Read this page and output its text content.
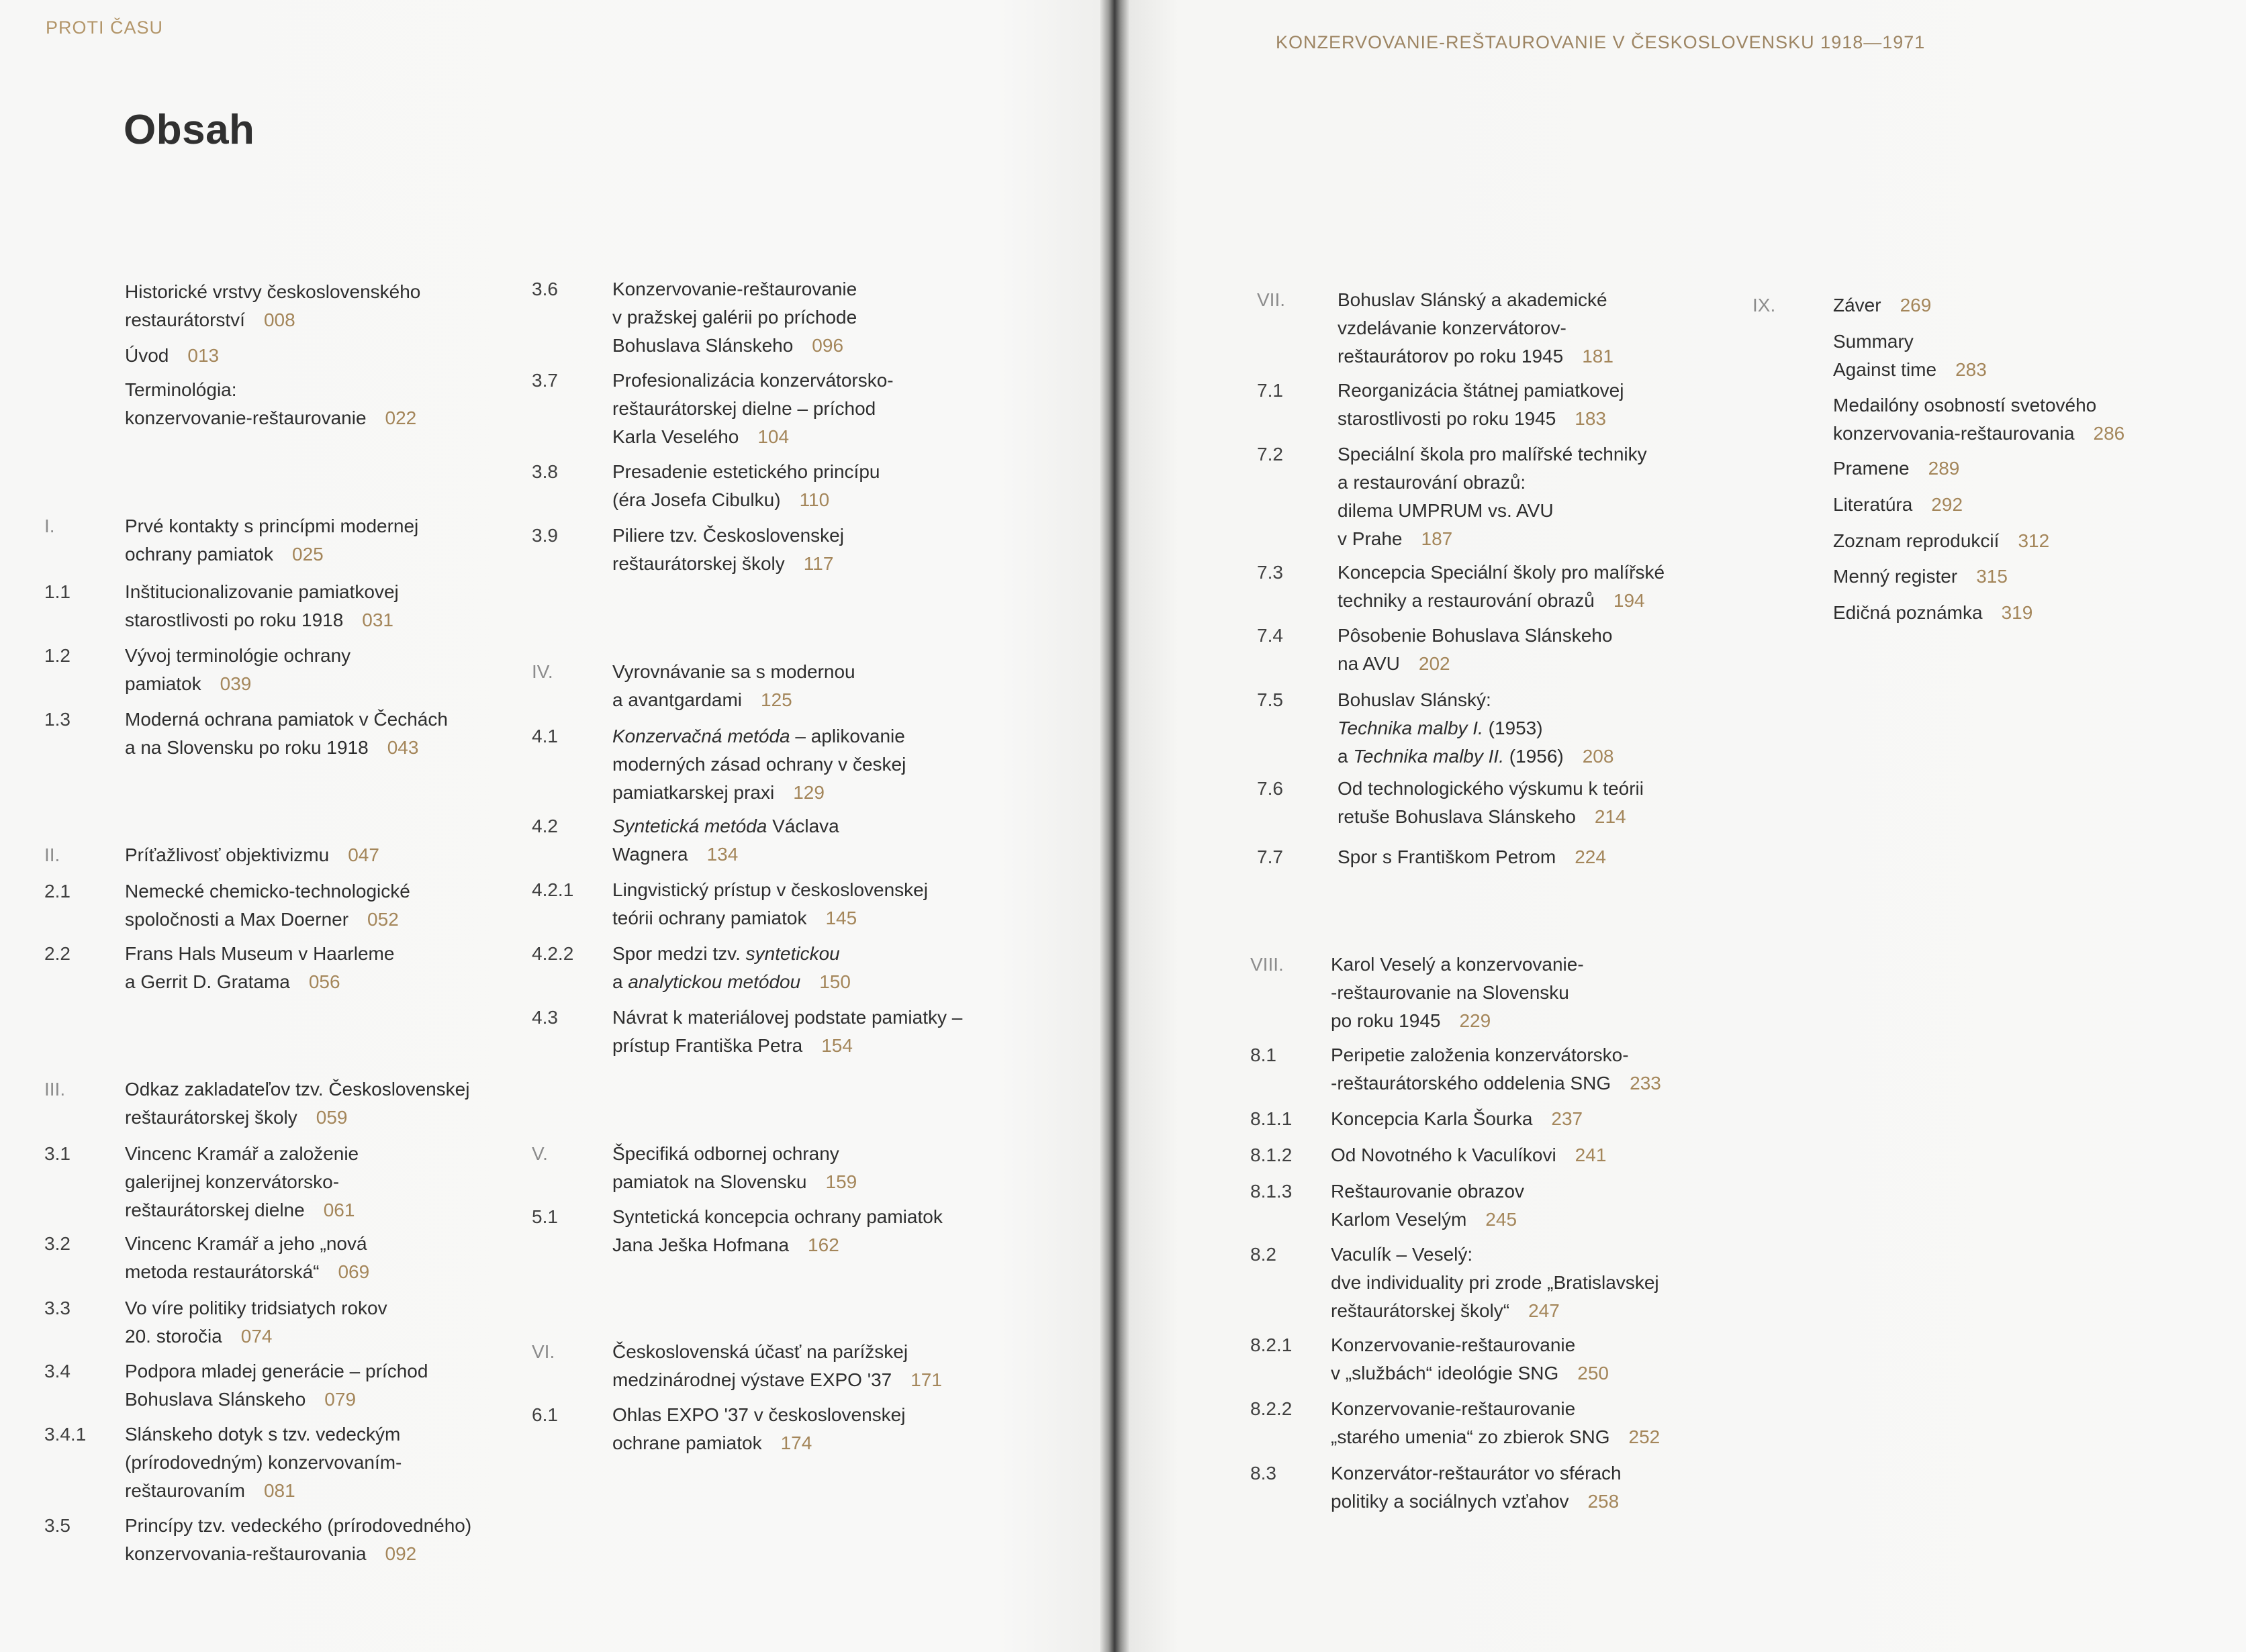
PROTI ČASU
KONZERVOVANIE-REŠTAUROVANIE V ČESKOSLOVENSKU 1918—1971
Obsah
Historické vrstvy československého
restaurátorství 008
Úvod 013
Terminológia:
konzervovanie-reštaurovanie 022
I.	Prvé kontakty s princípmi modernej
ochrany pamiatok 025
1.1	Inštitucionalizovanie pamiatkovej
starostlivosti po roku 1918 031
1.2	Vývoj terminológie ochrany
pamiatok 039
1.3	Moderná ochrana pamiatok v Čechách
a na Slovensku po roku 1918 043
II.	Príťažlivosť objektivizmu 047
2.1	Nemecké chemicko-technologické
spoločnosti a Max Doerner 052
2.2	Frans Hals Museum v Haarleme
a Gerrit D. Gratama 056
III.	Odkaz zakladateľov tzv. Československej
reštaurátorskej školy 059
3.1	Vincenc Kramář a založenie
galerijnej konzervátorsko-
reštaurátorskej dielne 061
3.2	Vincenc Kramář a jeho „nová
metoda restaurátorská“ 069
3.3	Vo víre politiky tridsiatych rokov
20. storočia 074
3.4	Podpora mladej generácie – príchod
Bohuslava Slánskeho 079
3.4.1	Slánskeho dotyk s tzv. vedeckým
(prírodovedným) konzervovaním-
reštaurovaním 081
3.5	Princípy tzv. vedeckého (prírodovedného)
konzervovania-reštaurovania 092
3.6	Konzervovanie-reštaurovanie
v pražskej galérii po príchode
Bohuslava Slánskeho 096
3.7	Profesionalizácia konzervátorsko-
reštaurátorskej dielne – príchod
Karla Veselého 104
3.8	Presadenie estetického princípu
(éra Josefa Cibulku) 110
3.9	Piliere tzv. Československej
reštaurátorskej školy 117
IV.	Vyrovnávanie sa s modernou
a avantgardami 125
4.1	Konzervačná metóda – aplikovanie
moderných zásad ochrany v českej
pamiatkarskej praxi 129
4.2	Syntetická metóda Václava
Wagnera 134
4.2.1	Lingvistický prístup v československej
teórii ochrany pamiatok 145
4.2.2	Spor medzi tzv. syntetickou
a analytickou metódou 150
4.3	Návrat k materiálovej podstate pamiatky –
prístup Františka Petra 154
V.	Špecifiká odbornej ochrany
pamiatok na Slovensku 159
5.1	Syntetická koncepcia ochrany pamiatok
Jana Ješka Hofmana 162
VI.	Československá účasť na parížskej
medzinárodnej výstave EXPO '37 171
6.1	Ohlas EXPO '37 v československej
ochrane pamiatok 174
VII.	Bohuslav Slánský a akademické
vzdelávanie konzervátorov-
reštaurátorov po roku 1945 181
7.1	Reorganizácia štátnej pamiatkovej
starostlivosti po roku 1945 183
7.2	Speciální škola pro malířské techniky
a restaurování obrazů:
dilema UMPRUM vs. AVU
v Prahe 187
7.3	Koncepcia Speciální školy pro malířské
techniky a restaurování obrazů 194
7.4	Pôsobenie Bohuslava Slánskeho
na AVU 202
7.5	Bohuslav Slánský:
Technika malby I. (1953)
a Technika malby II. (1956) 208
7.6	Od technologického výskumu k teórii
retuše Bohuslava Slánskeho 214
7.7	Spor s Františkom Petrom 224
VIII.	Karol Veselý a konzervovanie-
-reštaurovanie na Slovensku
po roku 1945 229
8.1	Peripetie založenia konzervátorsko-
-reštaurátorského oddelenia SNG 233
8.1.1	Koncepcia Karla Šourka 237
8.1.2	Od Novotného k Vaculíkovi 241
8.1.3	Reštaurovanie obrazov
Karlom Veselým 245
8.2	Vaculík – Veselý:
dve individuality pri zrode „Bratislavskej
reštaurátorskej školy“ 247
8.2.1	Konzervovanie-reštaurovanie
v „službách“ ideológie SNG 250
8.2.2	Konzervovanie-reštaurovanie
„starého umenia“ zo zbierok SNG 252
8.3	Konzervátor-reštaurátor vo sférach
politiky a sociálnych vzťahov 258
IX.	Záver 269
Summary
Against time 283
Medailóny osobností svetového
konzervovania-reštaurovania 286
Pramene 289
Literatúra 292
Zoznam reprodukcií 312
Menný register 315
Edičná poznámka 319
